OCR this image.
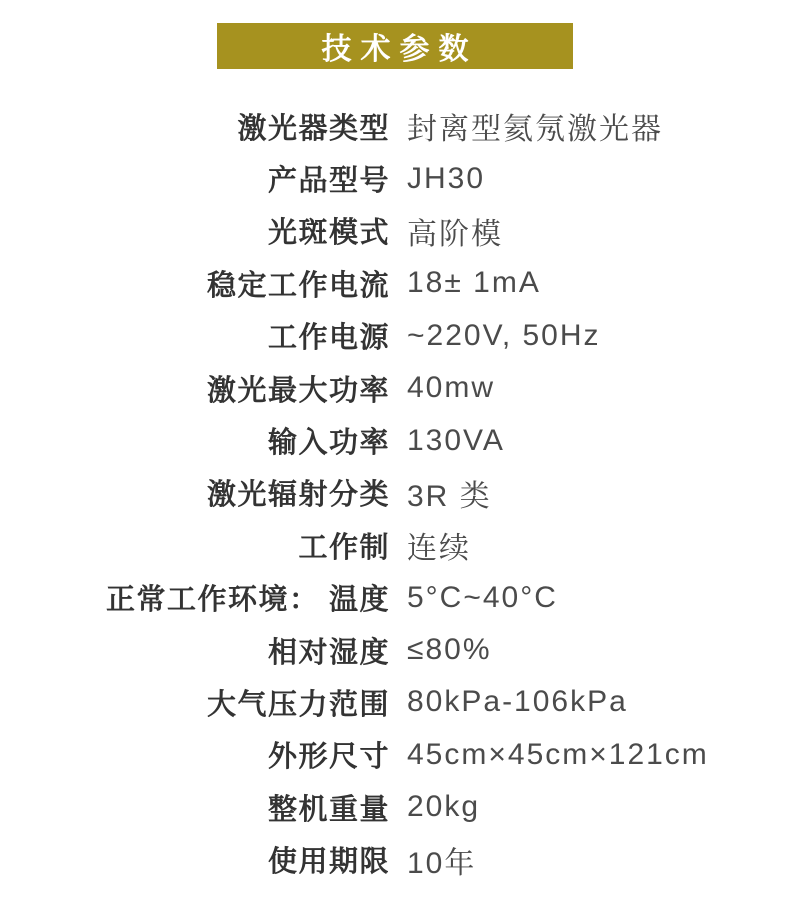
技术参数
激光器类型 封离型氦氖激光器
产品型号 JH30
光斑模式 高阶模
稳定工作电流 18± 1mA
工作电源 ~220V, 50Hz
激光最大功率 40mw
输入功率 130VA
激光辐射分类 3R 类
工作制 连续
正常工作环境： 温度 5°C~40°C
相对湿度 ≤80%
大气压力范围 80kPa-106kPa
外形尺寸 45cm×45cm×121cm
整机重量 20kg
使用期限 10年
